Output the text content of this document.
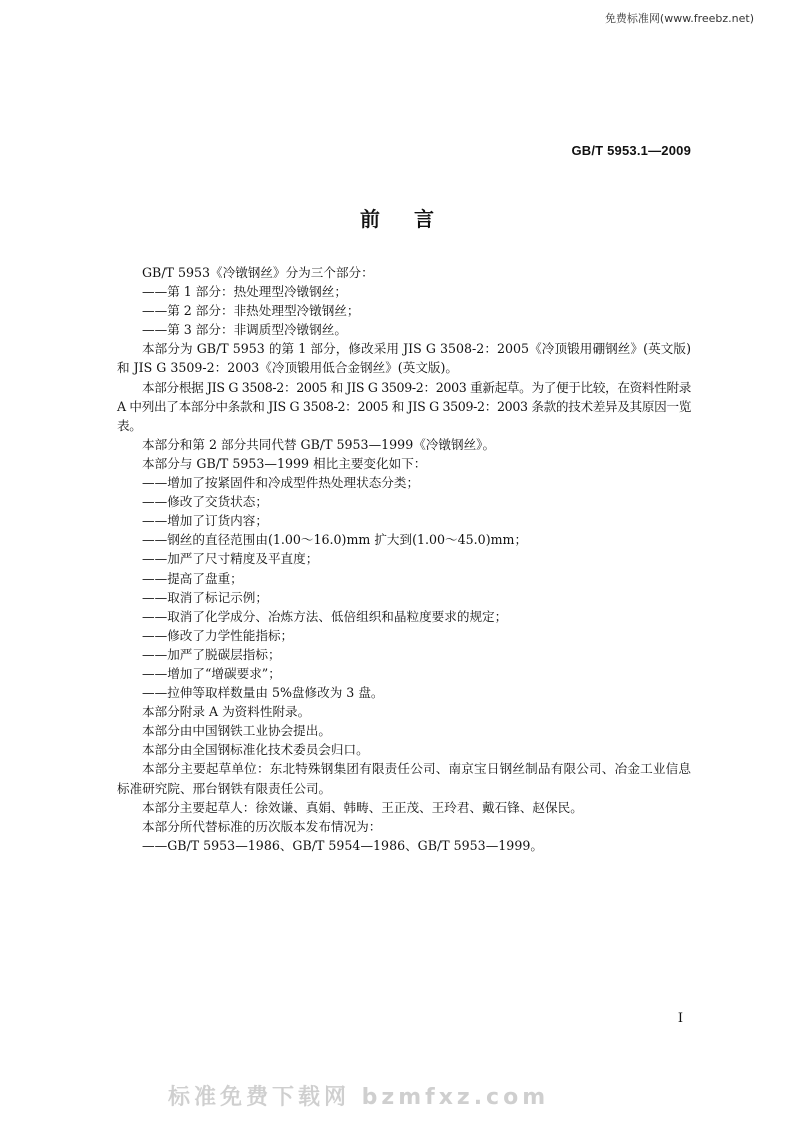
免费标准网(www.freebz.net)
GB/T 5953.1—2009
前言

GB/T 5953《冷镦钢丝》分为三个部分：

——第 1 部分：热处理型冷镦钢丝；

——第 2 部分：非热处理型冷镦钢丝；

——第 3 部分：非调质型冷镦钢丝。

本部分为 GB/T 5953 的第 1 部分，修改采用 JIS G 3508-2：2005《冷顶锻用硼钢丝》(英文版)和 JIS G 3509-2：2003《冷顶锻用低合金钢丝》(英文版)。

本部分根据 JIS G 3508-2：2005 和 JIS G 3509-2：2003 重新起草。为了便于比较，在资料性附录 A 中列出了本部分中条款和 JIS G 3508-2：2005 和 JIS G 3509-2：2003 条款的技术差异及其原因一览表。

本部分和第 2 部分共同代替 GB/T 5953—1999《冷镦钢丝》。

本部分与 GB/T 5953—1999 相比主要变化如下：

——增加了按紧固件和冷成型件热处理状态分类；

——修改了交货状态；

——增加了订货内容；

——钢丝的直径范围由(1.00～16.0)mm 扩大到(1.00～45.0)mm；

——加严了尺寸精度及平直度；

——提高了盘重；

——取消了标记示例；

——取消了化学成分、冶炼方法、低倍组织和晶粒度要求的规定；

——修改了力学性能指标；

——加严了脱碳层指标；

——增加了“增碳要求”；

——拉伸等取样数量由 5%盘修改为 3 盘。

本部分附录 A 为资料性附录。

本部分由中国钢铁工业协会提出。

本部分由全国钢标准化技术委员会归口。

本部分主要起草单位：东北特殊钢集团有限责任公司、南京宝日钢丝制品有限公司、冶金工业信息标准研究院、邢台钢铁有限责任公司。

本部分主要起草人：徐效谦、真娟、韩畴、王正茂、王玲君、戴石锋、赵保民。

本部分所代替标准的历次版本发布情况为：

——GB/T 5953—1986、GB/T 5954—1986、GB/T 5953—1999。

I
标准免费下载网 bzmfxz.com
